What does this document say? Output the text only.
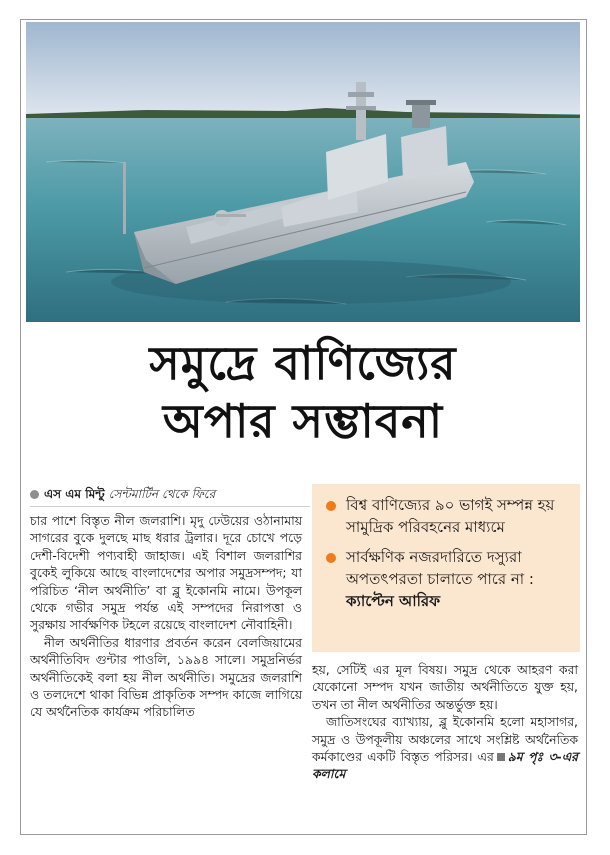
সমুদ্রে বাণিজ্যের
অপার সম্ভাবনা
এস এম মিন্টু সেন্টমার্টিন থেকে ফিরে

চার পাশে বিস্তৃত নীল জলরাশি। মৃদু ঢেউয়ের ওঠানামায় সাগরের বুকে দুলছে মাছ ধরার ট্রলার। দূরে চোখে পড়ে দেশী-বিদেশী পণ্যবাহী জাহাজ। এই বিশাল জলরাশির বুকেই লুকিয়ে আছে বাংলাদেশের অপার সমুদ্রসম্পদ; যা পরিচিত ‘নীল অর্থনীতি’ বা ব্লু ইকোনমি নামে। উপকূল থেকে গভীর সমুদ্র পর্যন্ত এই সম্পদের নিরাপত্তা ও সুরক্ষায় সার্বক্ষণিক টহলে রয়েছে বাংলাদেশ নৌবাহিনী।

নীল অর্থনীতির ধারণার প্রবর্তন করেন বেলজিয়ামের অর্থনীতিবিদ গুন্টার পাওলি, ১৯৯৪ সালে। সমুদ্রনির্ভর অর্থনীতিকেই বলা হয় নীল অর্থনীতি। সমুদ্রের জলরাশি ও তলদেশে থাকা বিভিন্ন প্রাকৃতিক সম্পদ কাজে লাগিয়ে যে অর্থনৈতিক কার্যক্রম পরিচালিত

বিশ্ব বাণিজ্যের ৯০ ভাগই সম্পন্ন হয় সামুদ্রিক পরিবহনের মাধ্যমে
সার্বক্ষণিক নজরদারিতে দস্যুরা অপতৎপরতা চালাতে পারে না : ক্যাপ্টেন আরিফ

হয়, সেটিই এর মূল বিষয়। সমুদ্র থেকে আহরণ করা যেকোনো সম্পদ যখন জাতীয় অর্থনীতিতে যুক্ত হয়, তখন তা নীল অর্থনীতির অন্তর্ভুক্ত হয়।

জাতিসংঘের ব্যাখ্যায়, ব্লু ইকোনমি হলো মহাসাগর, সমুদ্র ও উপকূলীয় অঞ্চলের সাথে সংশ্লিষ্ট অর্থনৈতিক কর্মকাণ্ডের একটি বিস্তৃত পরিসর। এর ৯ম পৃঃ ৩-এর কলামে
